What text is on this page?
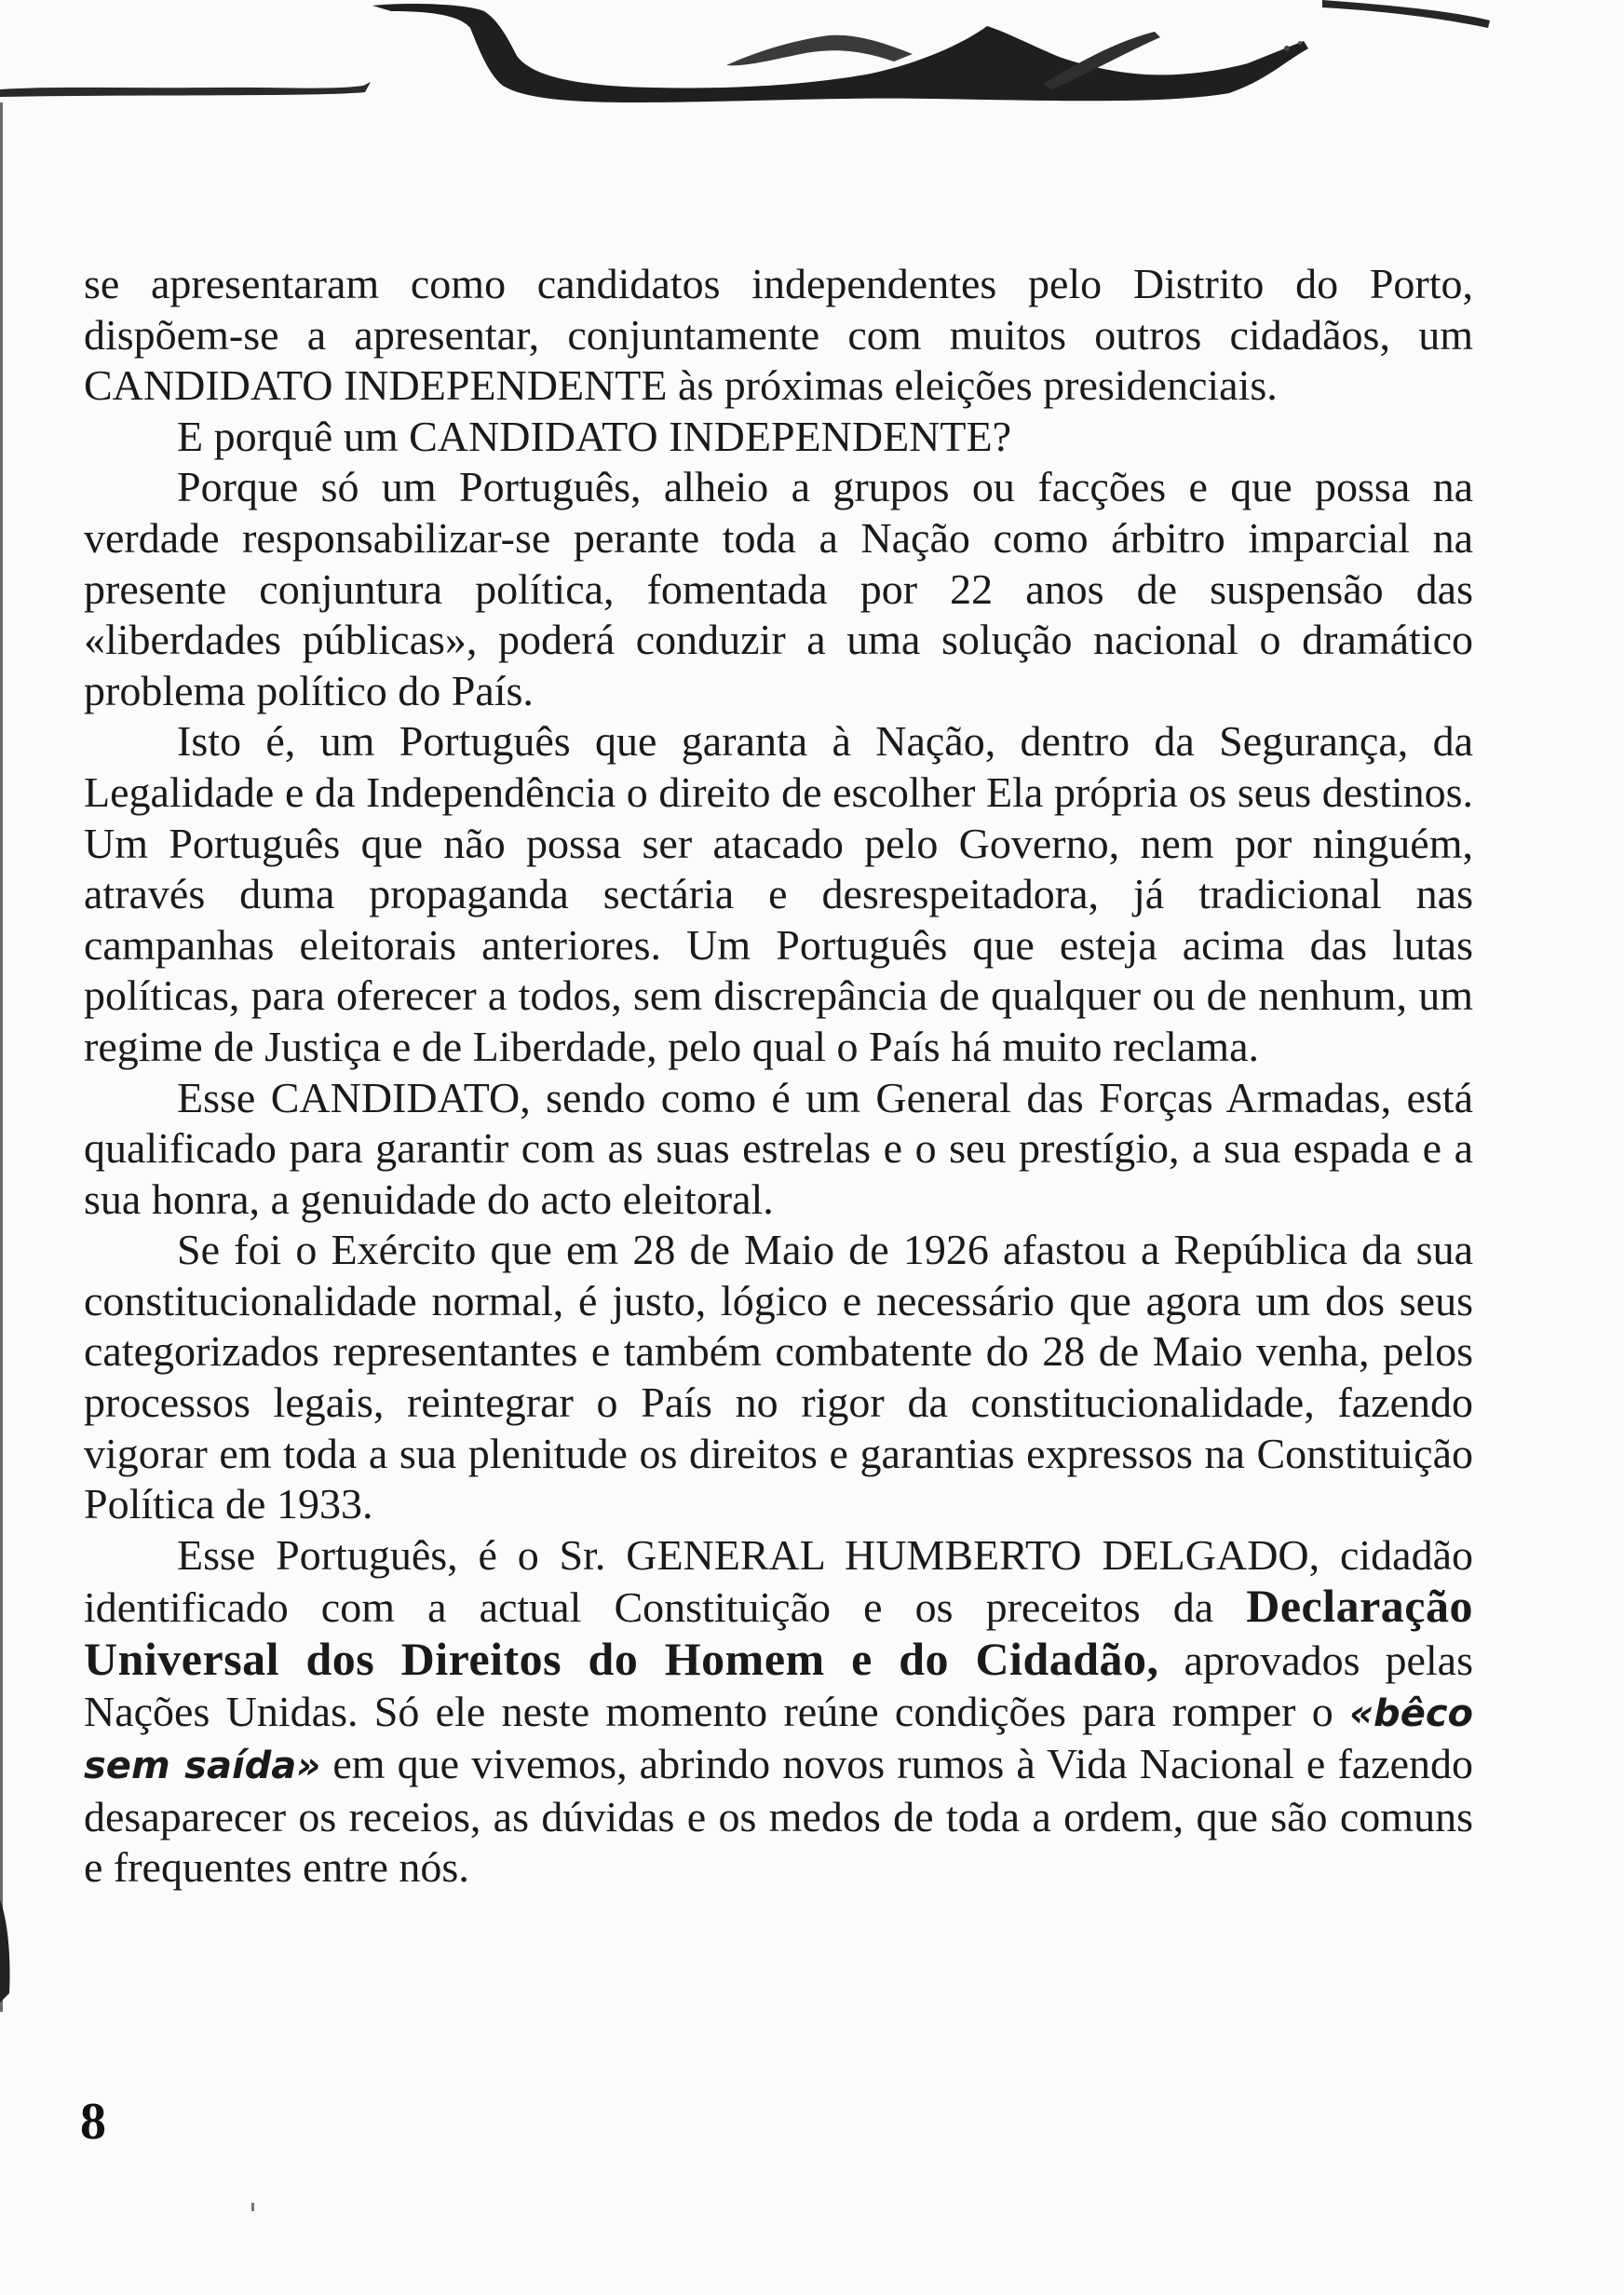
se apresentaram como candidatos independentes pelo Distrito do Porto, dispõem-se a apresentar, conjuntamente com muitos outros cidadãos, um CANDIDATO INDEPENDENTE às próximas eleições presidenciais.

E porquê um CANDIDATO INDEPENDENTE?

Porque só um Português, alheio a grupos ou facções e que possa na verdade responsabilizar-se perante toda a Nação como árbitro imparcial na presente conjuntura política, fomentada por 22 anos de suspensão das «liberdades públicas», poderá conduzir a uma solução nacional o dramático problema político do País.

Isto é, um Português que garanta à Nação, dentro da Segurança, da Legalidade e da Independência o direito de escolher Ela própria os seus destinos. Um Português que não possa ser atacado pelo Governo, nem por ninguém, através duma propaganda sectária e desrespeitadora, já tradicional nas campanhas eleitorais anteriores. Um Português que esteja acima das lutas políticas, para oferecer a todos, sem discrepância de qualquer ou de nenhum, um regime de Justiça e de Liberdade, pelo qual o País há muito reclama.

Esse CANDIDATO, sendo como é um General das Forças Armadas, está qualificado para garantir com as suas estrelas e o seu prestígio, a sua espada e a sua honra, a genuidade do acto eleitoral.

Se foi o Exército que em 28 de Maio de 1926 afastou a República da sua constitucionalidade normal, é justo, lógico e necessário que agora um dos seus categorizados representantes e também combatente do 28 de Maio venha, pelos processos legais, reintegrar o País no rigor da constitucionalidade, fazendo vigorar em toda a sua plenitude os direitos e garantias expressos na Constituição Política de 1933.

Esse Português, é o Sr. GENERAL HUMBERTO DELGADO, cidadão identificado com a actual Constituição e os preceitos da Declaração Universal dos Direitos do Homem e do Cidadão, aprovados pelas Nações Unidas. Só ele neste momento reúne condições para romper o «bêco sem saída» em que vivemos, abrindo novos rumos à Vida Nacional e fazendo desaparecer os receios, as dúvidas e os medos de toda a ordem, que são comuns e frequentes entre nós.

8
